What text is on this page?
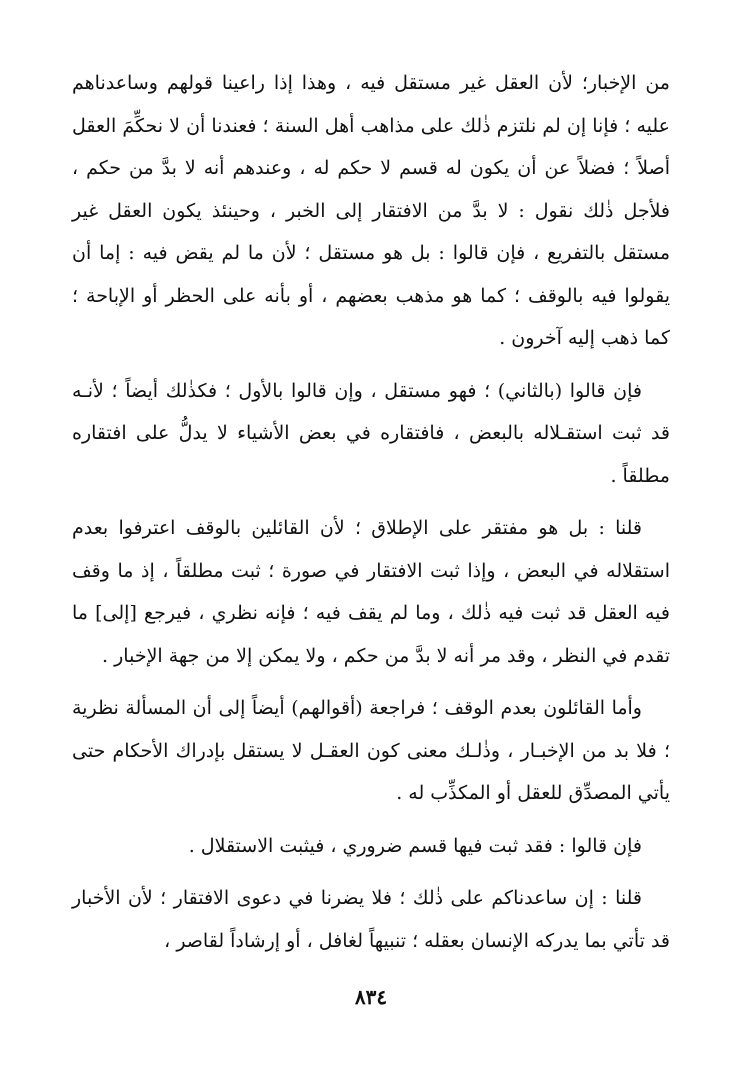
من الإخبار؛ لأن العقل غير مستقل فيه ، وهذا إذا راعينا قولهم وساعدناهم عليه ؛ فإنا إن لم نلتزم ذٰلك على مذاهب أهل السنة ؛ فعندنا أن لا نحكِّمَ العقل أصلاً ؛ فضلاً عن أن يكون له قسم لا حكم له ، وعندهم أنه لا بدَّ من حكم ، فلأجل ذٰلك نقول : لا بدَّ من الافتقار إلى الخبر ، وحينئذ يكون العقل غير مستقل بالتفريع ، فإن قالوا : بل هو مستقل ؛ لأن ما لم يقض فيه : إما أن يقولوا فيه بالوقف ؛ كما هو مذهب بعضهم ، أو بأنه على الحظر أو الإباحة ؛ كما ذهب إليه آخرون .

فإن قالوا (بالثاني) ؛ فهو مستقل ، وإن قالوا بالأول ؛ فكذٰلك أيضاً ؛ لأنـه قد ثبت استقـلاله بالبعض ، فافتقاره في بعض الأشياء لا يدلُّ على افتقاره مطلقاً .

قلنا : بل هو مفتقر على الإطلاق ؛ لأن القائلين بالوقف اعترفوا بعدم استقلاله في البعض ، وإذا ثبت الافتقار في صورة ؛ ثبت مطلقاً ، إذ ما وقف فيه العقل قد ثبت فيه ذٰلك ، وما لم يقف فيه ؛ فإنه نظري ، فيرجع [إلى] ما تقدم في النظر ، وقد مر أنه لا بدَّ من حكم ، ولا يمكن إلا من جهة الإخبار .

وأما القائلون بعدم الوقف ؛ فراجعة (أقوالهم) أيضاً إلى أن المسألة نظرية ؛ فلا بد من الإخبـار ، وذٰلـك معنى كون العقـل لا يستقل بإدراك الأحكام حتى يأتي المصدِّق للعقل أو المكذِّب له .

فإن قالوا : فقد ثبت فيها قسم ضروري ، فيثبت الاستقلال .

قلنا : إن ساعدناكم على ذٰلك ؛ فلا يضرنا في دعوى الافتقار ؛ لأن الأخبار قد تأتي بما يدركه الإنسان بعقله ؛ تنبيهاً لغافل ، أو إرشاداً لقاصر ،

٨٣٤
